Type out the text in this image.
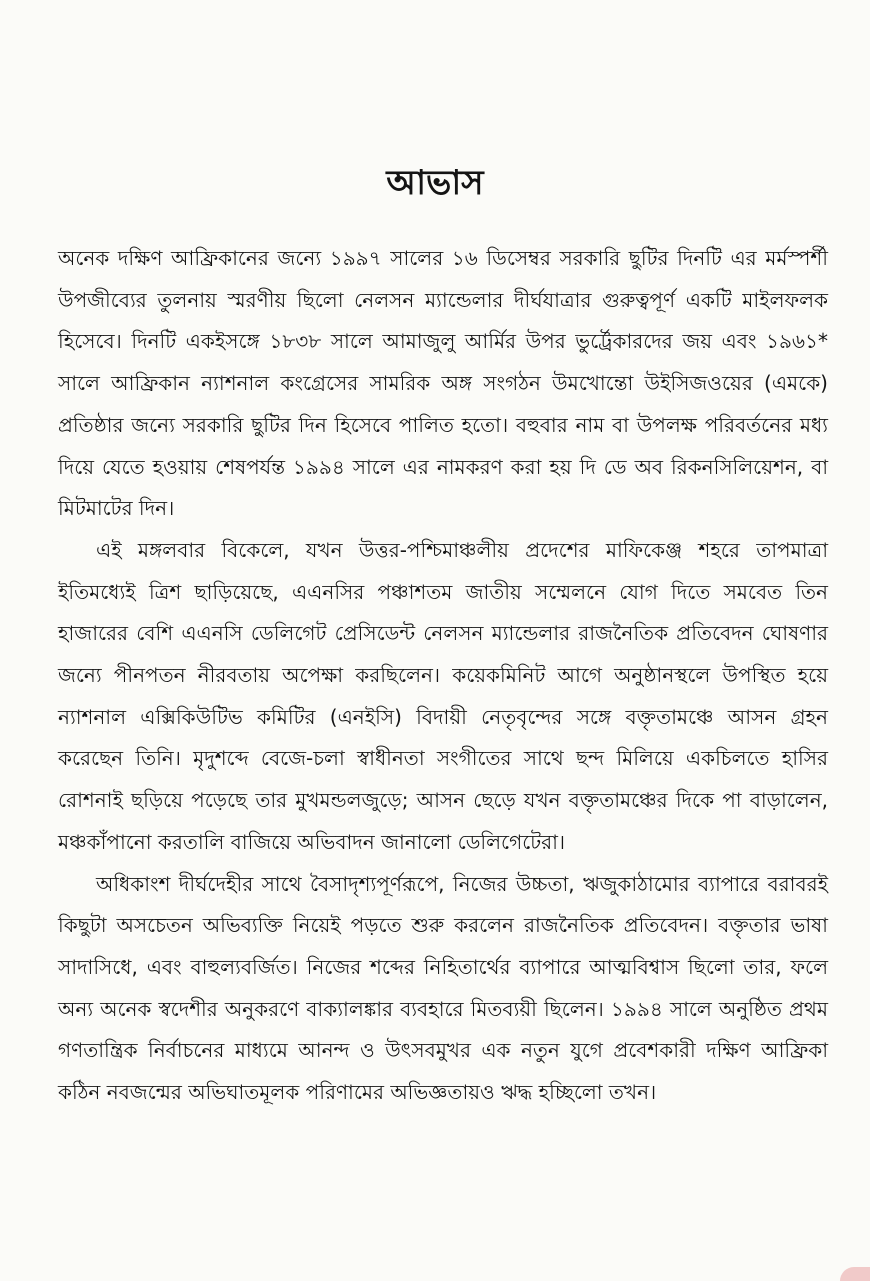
আভাস

অনেক দক্ষিণ আফ্রিকানের জন্যে ১৯৯৭ সালের ১৬ ডিসেম্বর সরকারি ছুটির দিনটি এর মর্মস্পর্শী উপজীব্যের তুলনায় স্মরণীয় ছিলো নেলসন ম্যান্ডেলার দীর্ঘযাত্রার গুরুত্বপূর্ণ একটি মাইলফলক হিসেবে। দিনটি একইসঙ্গে ১৮৩৮ সালে আমাজুলু আর্মির উপর ভুর্ট্রেকারদের জয় এবং ১৯৬১* সালে আফ্রিকান ন্যাশনাল কংগ্রেসের সামরিক অঙ্গ সংগঠন উমখোন্তো উইসিজওয়ের (এমকে) প্রতিষ্ঠার জন্যে সরকারি ছুটির দিন হিসেবে পালিত হতো। বহুবার নাম বা উপলক্ষ পরিবর্তনের মধ্য দিয়ে যেতে হওয়ায় শেষপর্যন্ত ১৯৯৪ সালে এর নামকরণ করা হয় দি ডে অব রিকনসিলিয়েশন, বা মিটমাটের দিন।

এই মঙ্গলবার বিকেলে, যখন উত্তর-পশ্চিমাঞ্চলীয় প্রদেশের মাফিকেঞ্জ শহরে তাপমাত্রা ইতিমধ্যেই ত্রিশ ছাড়িয়েছে, এএনসির পঞ্চাশতম জাতীয় সম্মেলনে যোগ দিতে সমবেত তিন হাজারের বেশি এএনসি ডেলিগেট প্রেসিডেন্ট নেলসন ম্যান্ডেলার রাজনৈতিক প্রতিবেদন ঘোষণার জন্যে পীনপতন নীরবতায় অপেক্ষা করছিলেন। কয়েকমিনিট আগে অনুষ্ঠানস্থলে উপস্থিত হয়ে ন্যাশনাল এক্সিকিউটিভ কমিটির (এনইসি) বিদায়ী নেতৃবৃন্দের সঙ্গে বক্তৃতামঞ্চে আসন গ্রহন করেছেন তিনি। মৃদুশব্দে বেজে-চলা স্বাধীনতা সংগীতের সাথে ছন্দ মিলিয়ে একচিলতে হাসির রোশনাই ছড়িয়ে পড়েছে তার মুখমন্ডলজুড়ে; আসন ছেড়ে যখন বক্তৃতামঞ্চের দিকে পা বাড়ালেন, মঞ্চকাঁপানো করতালি বাজিয়ে অভিবাদন জানালো ডেলিগেটেরা।

অধিকাংশ দীর্ঘদেহীর সাথে বৈসাদৃশ্যপূর্ণরূপে, নিজের উচ্চতা, ঋজুকাঠামোর ব্যাপারে বরাবরই কিছুটা অসচেতন অভিব্যক্তি নিয়েই পড়তে শুরু করলেন রাজনৈতিক প্রতিবেদন। বক্তৃতার ভাষা সাদাসিধে, এবং বাহুল্যবর্জিত। নিজের শব্দের নিহিতার্থের ব্যাপারে আত্মবিশ্বাস ছিলো তার, ফলে অন্য অনেক স্বদেশীর অনুকরণে বাক্যালঙ্কার ব্যবহারে মিতব্যয়ী ছিলেন। ১৯৯৪ সালে অনুষ্ঠিত প্রথম গণতান্ত্রিক নির্বাচনের মাধ্যমে আনন্দ ও উৎসবমুখর এক নতুন যুগে প্রবেশকারী দক্ষিণ আফ্রিকা কঠিন নবজন্মের অভিঘাতমূলক পরিণামের অভিজ্ঞতায়ও ঋদ্ধ হচ্ছিলো তখন।
